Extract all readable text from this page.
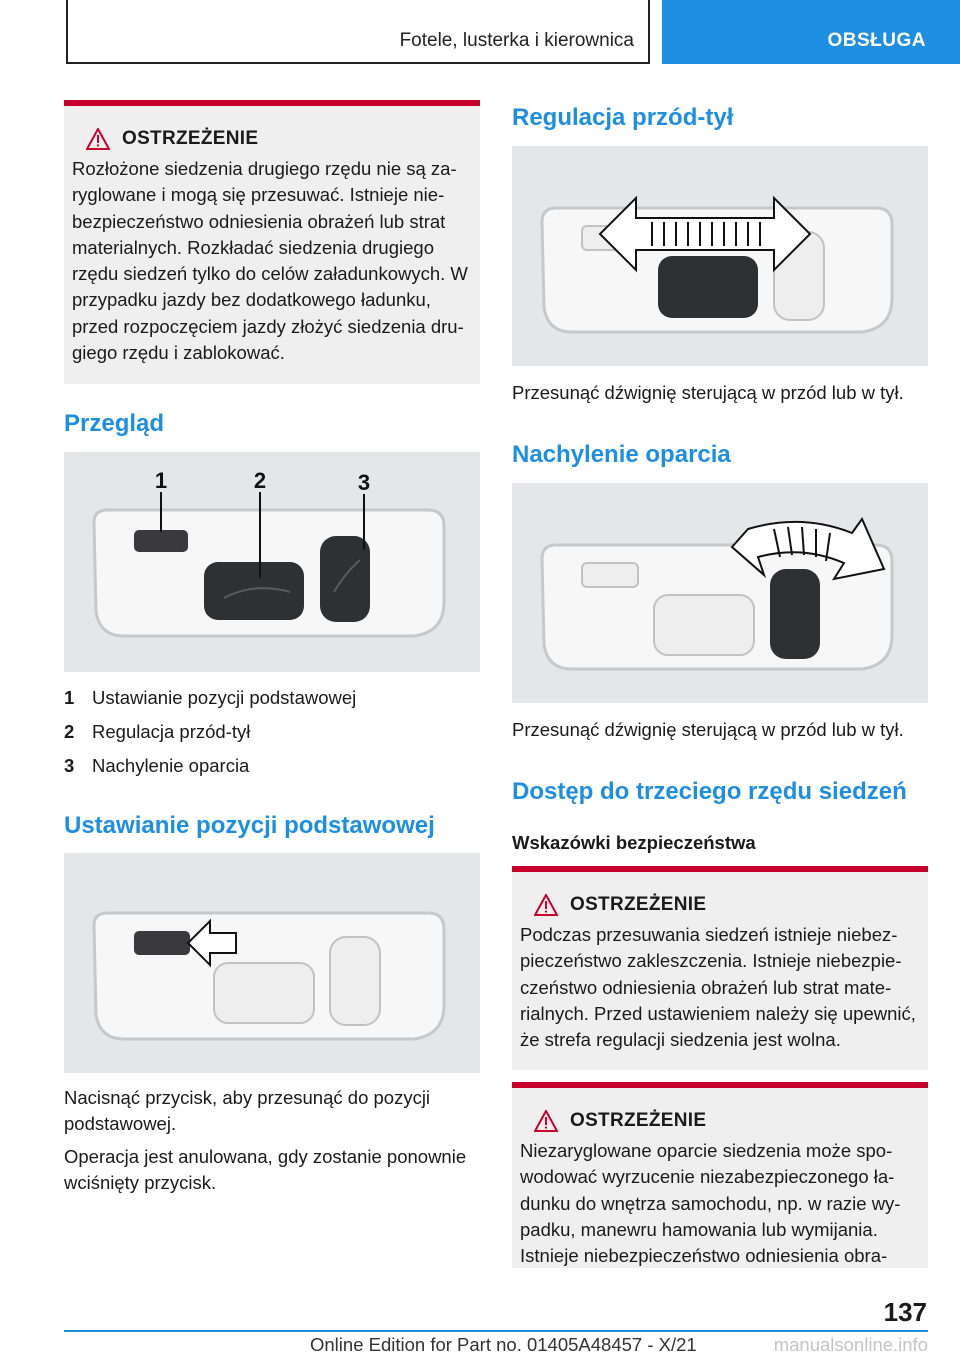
Fotele, lusterka i kierownica	OBSŁUGA
OSTRZEŻENIE

Rozłożone siedzenia drugiego rzędu nie są za-ryglowane i mogą się przesuwać. Istnieje nie-bezpieczeństwo odniesienia obrażeń lub strat materialnych. Rozkładać siedzenia drugiego rzędu siedzeń tylko do celów załadunkowych. W przypadku jazdy bez dodatkowego ładunku, przed rozpoczęciem jazdy złożyć siedzenia dru-giego rzędu i zablokować.

Przegląd
1	2	3
1 Ustawianie pozycji podstawowej
2 Regulacja przód-tył
3 Nachylenie oparcia
Ustawianie pozycji podstawowej

Nacisnąć przycisk, aby przesunąć do pozycji podstawowej.

Operacja jest anulowana, gdy zostanie ponownie wciśnięty przycisk.

Regulacja przód-tył

Przesunąć dźwignię sterującą w przód lub w tył.

Nachylenie oparcia

Przesunąć dźwignię sterującą w przód lub w tył.

Dostęp do trzeciego rzędu siedzeń
Wskazówki bezpieczeństwa
OSTRZEŻENIE

Podczas przesuwania siedzeń istnieje niebez-pieczeństwo zakleszczenia. Istnieje niebezpie-czeństwo odniesienia obrażeń lub strat mate-rialnych. Przed ustawieniem należy się upewnić, że strefa regulacji siedzenia jest wolna.

OSTRZEŻENIE

Niezaryglowane oparcie siedzenia może spo-wodować wyrzucenie niezabezpieczonego ła-dunku do wnętrza samochodu, np. w razie wy-padku, manewru hamowania lub wymijania. Istnieje niebezpieczeństwo odniesienia obra-

137
Online Edition for Part no. 01405A48457 - X/21	manualsonline.info
